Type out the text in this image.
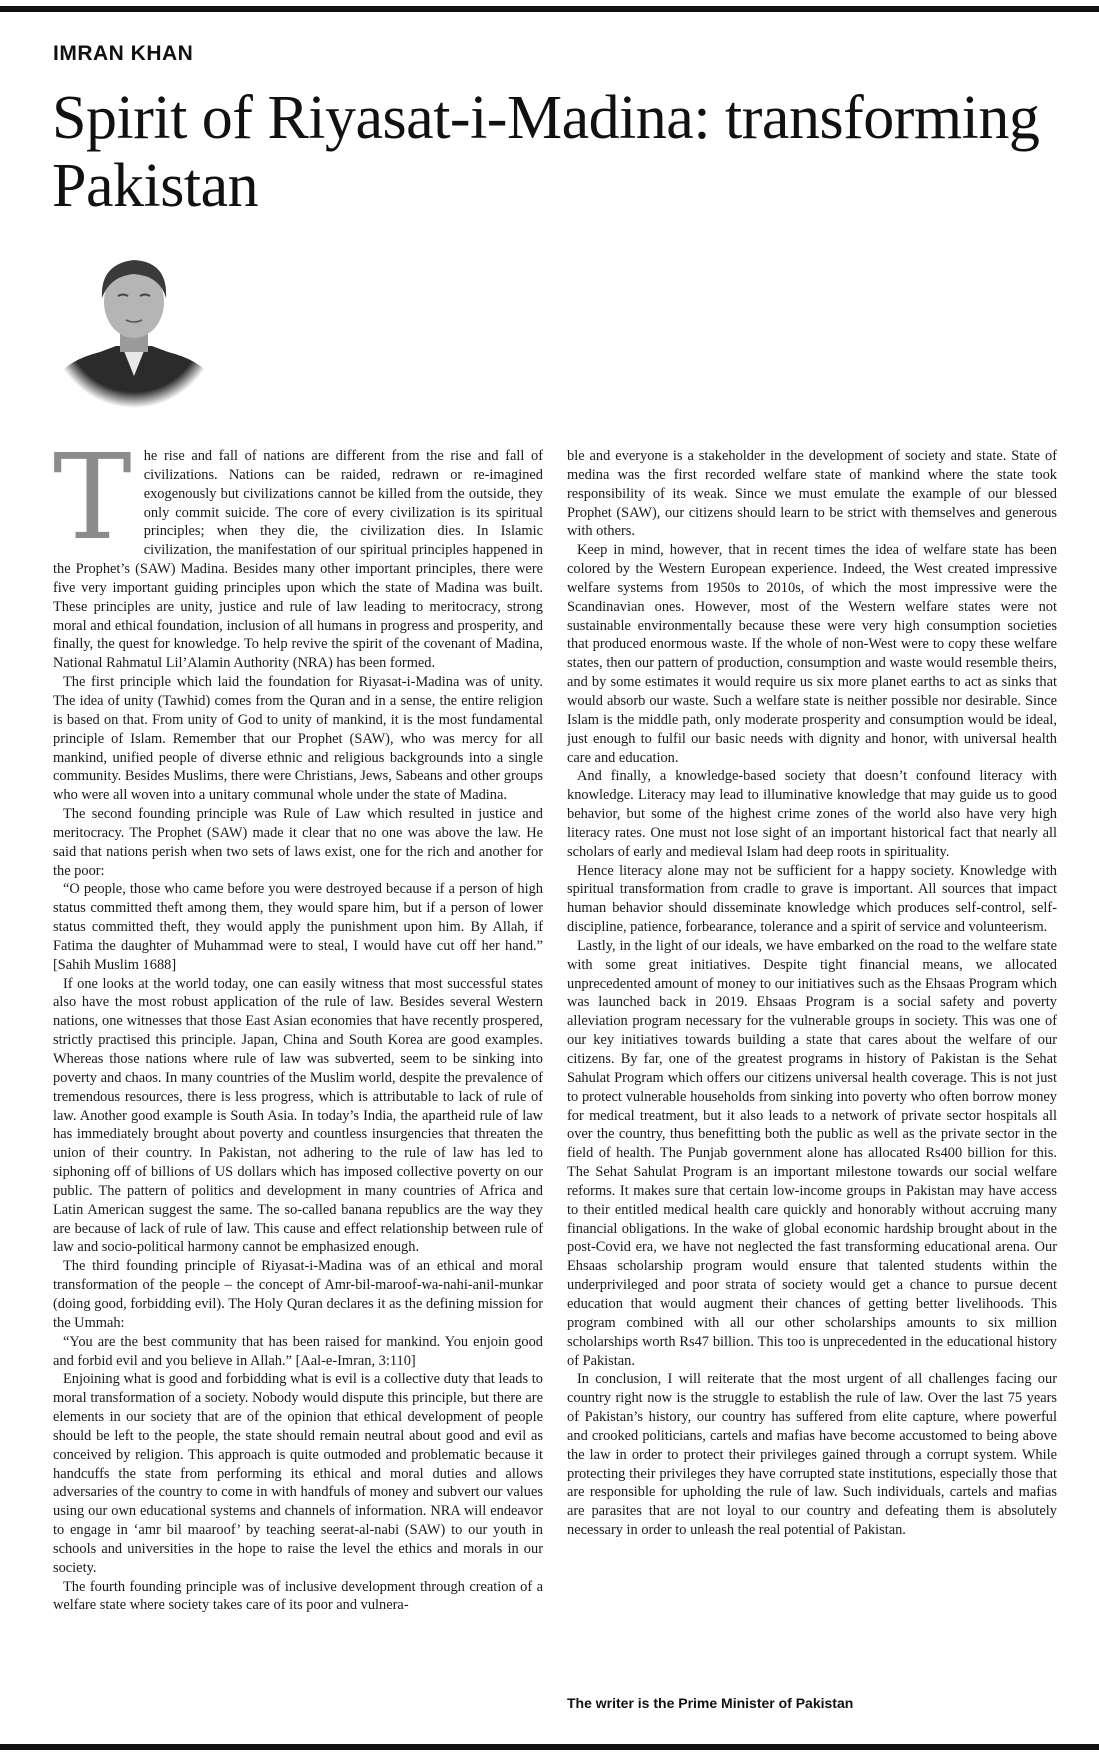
IMRAN KHAN
Spirit of Riyasat-i-Madina: transforming Pakistan

The rise and fall of nations are different from the rise and fall of civilizations. Nations can be raided, redrawn or re-imagined exogenously but civilizations cannot be killed from the outside, they only commit suicide. The core of every civilization is its spiritual principles; when they die, the civilization dies. In Islamic civilization, the manifestation of our spiritual principles happened in the Prophet’s (SAW) Madina. Besides many other important principles, there were five very important guiding principles upon which the state of Madina was built. These principles are unity, justice and rule of law leading to meritocracy, strong moral and ethical foundation, inclusion of all humans in progress and prosperity, and finally, the quest for knowledge. To help revive the spirit of the covenant of Madina, National Rahmatul Lil’Alamin Authority (NRA) has been formed.

The first principle which laid the foundation for Riyasat-i-Madina was of unity. The idea of unity (Tawhid) comes from the Quran and in a sense, the entire religion is based on that. From unity of God to unity of mankind, it is the most fundamental principle of Islam. Remember that our Prophet (SAW), who was mercy for all mankind, unified people of diverse ethnic and religious backgrounds into a single community. Besides Muslims, there were Christians, Jews, Sabeans and other groups who were all woven into a unitary communal whole under the state of Madina.

The second founding principle was Rule of Law which resulted in justice and meritocracy. The Prophet (SAW) made it clear that no one was above the law. He said that nations perish when two sets of laws exist, one for the rich and another for the poor:

“O people, those who came before you were destroyed because if a person of high status committed theft among them, they would spare him, but if a person of lower status committed theft, they would apply the punishment upon him. By Allah, if Fatima the daughter of Muhammad were to steal, I would have cut off her hand.” [Sahih Muslim 1688]

If one looks at the world today, one can easily witness that most successful states also have the most robust application of the rule of law. Besides several Western nations, one witnesses that those East Asian economies that have recently prospered, strictly practised this principle. Japan, China and South Korea are good examples. Whereas those nations where rule of law was subverted, seem to be sinking into poverty and chaos. In many countries of the Muslim world, despite the prevalence of tremendous resources, there is less progress, which is attributable to lack of rule of law. Another good example is South Asia. In today’s India, the apartheid rule of law has immediately brought about poverty and countless insurgencies that threaten the union of their country. In Pakistan, not adhering to the rule of law has led to siphoning off of billions of US dollars which has imposed collective poverty on our public. The pattern of politics and development in many countries of Africa and Latin American suggest the same. The so-called banana republics are the way they are because of lack of rule of law. This cause and effect relationship between rule of law and socio-political harmony cannot be emphasized enough.

The third founding principle of Riyasat-i-Madina was of an ethical and moral transformation of the people – the concept of Amr-bil-maroof-wa-nahi-anil-munkar (doing good, forbidding evil). The Holy Quran declares it as the defining mission for the Ummah:

“You are the best community that has been raised for mankind. You enjoin good and forbid evil and you believe in Allah.” [Aal-e-Imran, 3:110]

Enjoining what is good and forbidding what is evil is a collective duty that leads to moral transformation of a society. Nobody would dispute this principle, but there are elements in our society that are of the opinion that ethical development of people should be left to the people, the state should remain neutral about good and evil as conceived by religion. This approach is quite outmoded and problematic because it handcuffs the state from performing its ethical and moral duties and allows adversaries of the country to come in with handfuls of money and subvert our values using our own educational systems and channels of information. NRA will endeavor to engage in ‘amr bil maaroof’ by teaching seerat-al-nabi (SAW) to our youth in schools and universities in the hope to raise the level the ethics and morals in our society.

The fourth founding principle was of inclusive development through creation of a welfare state where society takes care of its poor and vulnera-

ble and everyone is a stakeholder in the development of society and state. State of medina was the first recorded welfare state of mankind where the state took responsibility of its weak. Since we must emulate the example of our blessed Prophet (SAW), our citizens should learn to be strict with themselves and generous with others.

Keep in mind, however, that in recent times the idea of welfare state has been colored by the Western European experience. Indeed, the West created impressive welfare systems from 1950s to 2010s, of which the most impressive were the Scandinavian ones. However, most of the Western welfare states were not sustainable environmentally because these were very high consumption societies that produced enormous waste. If the whole of non-West were to copy these welfare states, then our pattern of production, consumption and waste would resemble theirs, and by some estimates it would require us six more planet earths to act as sinks that would absorb our waste. Such a welfare state is neither possible nor desirable. Since Islam is the middle path, only moderate prosperity and consumption would be ideal, just enough to fulfil our basic needs with dignity and honor, with universal health care and education.

And finally, a knowledge-based society that doesn’t confound literacy with knowledge. Literacy may lead to illuminative knowledge that may guide us to good behavior, but some of the highest crime zones of the world also have very high literacy rates. One must not lose sight of an important historical fact that nearly all scholars of early and medieval Islam had deep roots in spirituality.

Hence literacy alone may not be sufficient for a happy society. Knowledge with spiritual transformation from cradle to grave is important. All sources that impact human behavior should disseminate knowledge which produces self-control, self-discipline, patience, forbearance, tolerance and a spirit of service and volunteerism.

Lastly, in the light of our ideals, we have embarked on the road to the welfare state with some great initiatives. Despite tight financial means, we allocated unprecedented amount of money to our initiatives such as the Ehsaas Program which was launched back in 2019. Ehsaas Program is a social safety and poverty alleviation program necessary for the vulnerable groups in society. This was one of our key initiatives towards building a state that cares about the welfare of our citizens. By far, one of the greatest programs in history of Pakistan is the Sehat Sahulat Program which offers our citizens universal health coverage. This is not just to protect vulnerable households from sinking into poverty who often borrow money for medical treatment, but it also leads to a network of private sector hospitals all over the country, thus benefitting both the public as well as the private sector in the field of health. The Punjab government alone has allocated Rs400 billion for this. The Sehat Sahulat Program is an important milestone towards our social welfare reforms. It makes sure that certain low-income groups in Pakistan may have access to their entitled medical health care quickly and honorably without accruing many financial obligations. In the wake of global economic hardship brought about in the post-Covid era, we have not neglected the fast transforming educational arena. Our Ehsaas scholarship program would ensure that talented students within the underprivileged and poor strata of society would get a chance to pursue decent education that would augment their chances of getting better livelihoods. This program combined with all our other scholarships amounts to six million scholarships worth Rs47 billion. This too is unprecedented in the educational history of Pakistan.

In conclusion, I will reiterate that the most urgent of all challenges facing our country right now is the struggle to establish the rule of law. Over the last 75 years of Pakistan’s history, our country has suffered from elite capture, where powerful and crooked politicians, cartels and mafias have become accustomed to being above the law in order to protect their privileges gained through a corrupt system. While protecting their privileges they have corrupted state institutions, especially those that are responsible for upholding the rule of law. Such individuals, cartels and mafias are parasites that are not loyal to our country and defeating them is absolutely necessary in order to unleash the real potential of Pakistan.

The writer is the Prime Minister of Pakistan
